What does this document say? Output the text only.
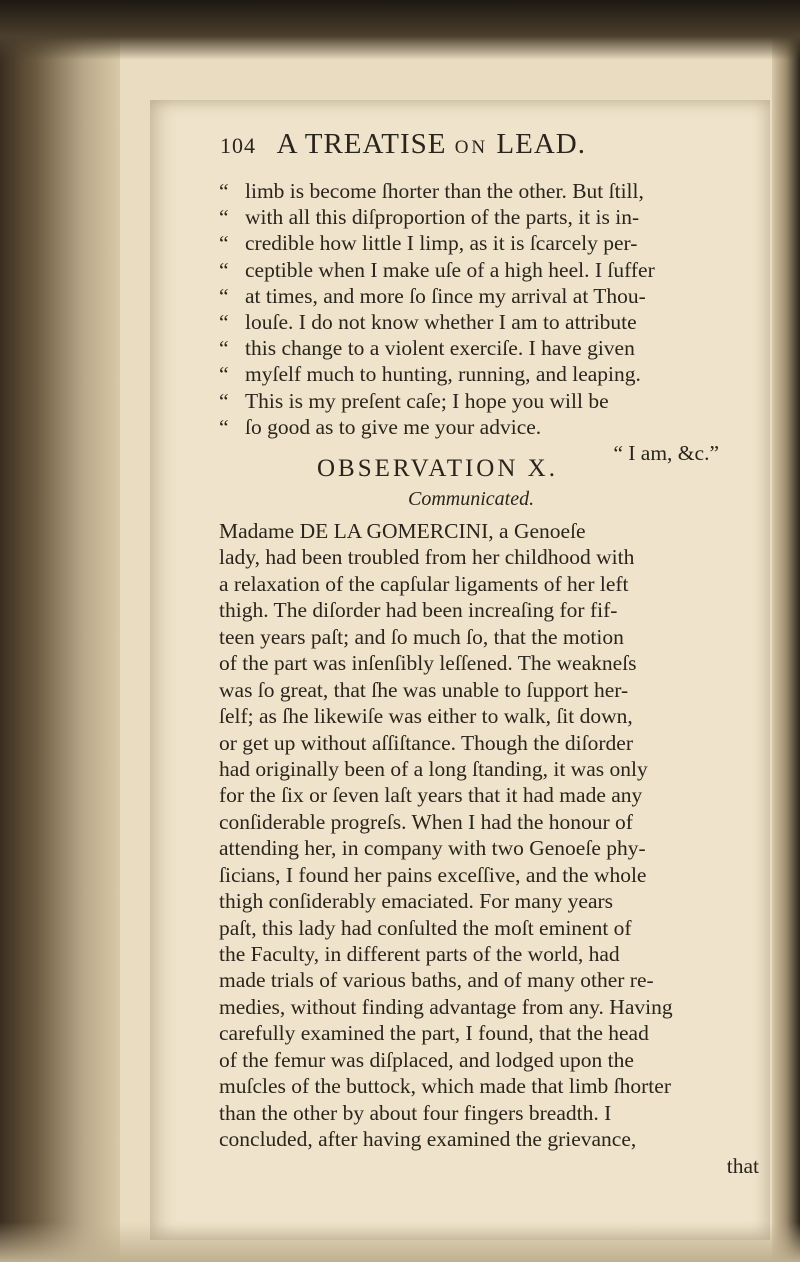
104 A TREATISE ON LEAD.
“ limb is become ſhorter than the other. But ſtill,
“ with all this diſproportion of the parts, it is in-
“ credible how little I limp, as it is ſcarcely per-
“ ceptible when I make uſe of a high heel. I ſuffer
“ at times, and more ſo ſince my arrival at Thou-
“ louſe. I do not know whether I am to attribute
“ this change to a violent exerciſe. I have given
“ myſelf much to hunting, running, and leaping.
“ This is my preſent caſe; I hope you will be
“ ſo good as to give me your advice.
“ I am, &c.”
OBSERVATION X.
Communicated.
Madame DE LA GOMERCINI, a Genoeſe
lady, had been troubled from her childhood with
a relaxation of the capſular ligaments of her left
thigh. The diſorder had been increaſing for fif-
teen years paſt; and ſo much ſo, that the motion
of the part was inſenſibly leſſened. The weakneſs
was ſo great, that ſhe was unable to ſupport her-
ſelf; as ſhe likewiſe was either to walk, ſit down,
or get up without aſſiſtance. Though the diſorder
had originally been of a long ſtanding, it was only
for the ſix or ſeven laſt years that it had made any
conſiderable progreſs. When I had the honour of
attending her, in company with two Genoeſe phy-
ſicians, I found her pains exceſſive, and the whole
thigh conſiderably emaciated. For many years
paſt, this lady had conſulted the moſt eminent of
the Faculty, in different parts of the world, had
made trials of various baths, and of many other re-
medies, without finding advantage from any. Having
carefully examined the part, I found, that the head
of the femur was diſplaced, and lodged upon the
muſcles of the buttock, which made that limb ſhorter
than the other by about four fingers breadth. I
concluded, after having examined the grievance,
that
